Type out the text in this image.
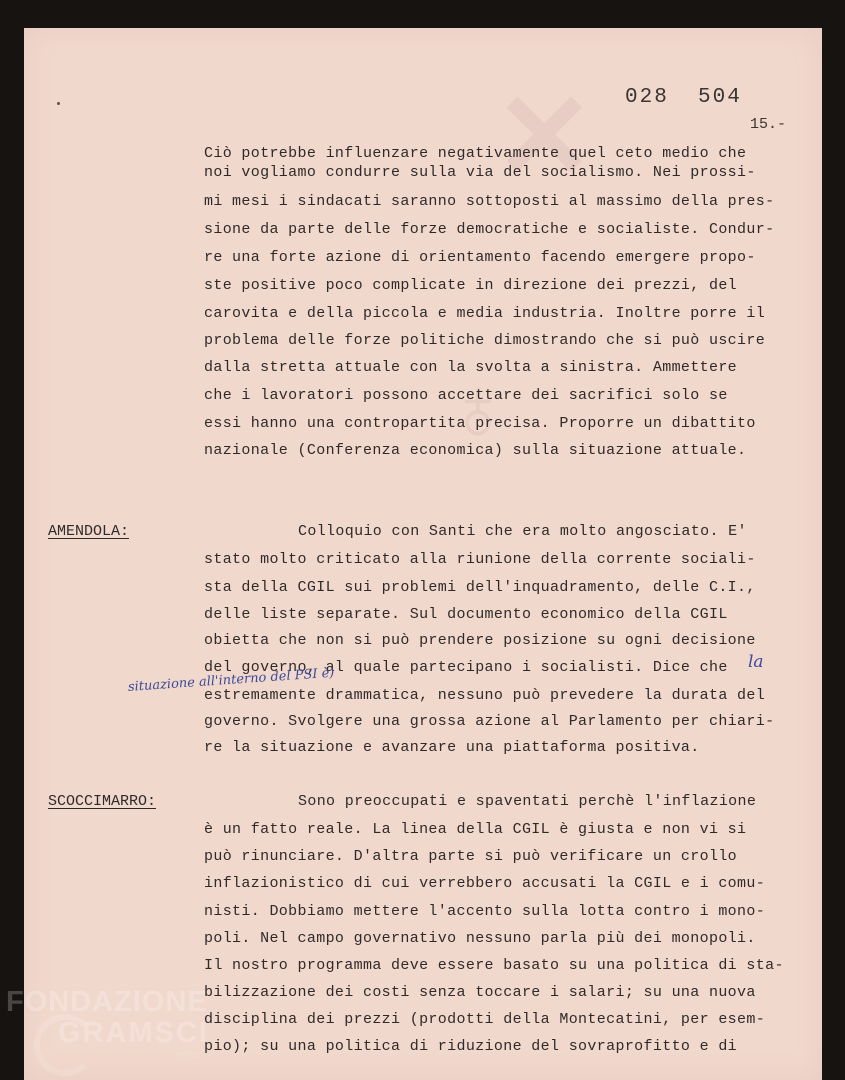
✕
♁
028  504
15.-
Ciò potrebbe influenzare negativamente quel ceto medio che
noi vogliamo condurre sulla via del socialismo. Nei prossi-
mi mesi i sindacati saranno sottoposti al massimo della pres-
sione da parte delle forze democratiche e socialiste. Condur-
re una forte azione di orientamento facendo emergere propo-
ste positive poco complicate in direzione dei prezzi, del
carovita e della piccola e media industria. Inoltre porre il
problema delle forze politiche dimostrando che si può uscire
dalla stretta attuale con la svolta a sinistra. Ammettere
che i lavoratori possono accettare dei sacrifici solo se
essi hanno una contropartita precisa. Proporre un dibattito
nazionale (Conferenza economica) sulla situazione attuale.
AMENDOLA:	Colloquio con Santi che era molto angosciato. E'
stato molto criticato alla riunione della corrente sociali-
sta della CGIL sui problemi dell'inquadramento, delle C.I.,
delle liste separate. Sul documento economico della CGIL
obietta che non si può prendere posizione su ogni decisione
del governo, al quale partecipano i socialisti. Dice che la
situazione all'interno del PSI è)
estremamente drammatica, nessuno può prevedere la durata del
governo. Svolgere una grossa azione al Parlamento per chiari-
re la situazione e avanzare una piattaforma positiva.
SCOCCIMARRO:	Sono preoccupati e spaventati perchè l'inflazione
è un fatto reale. La linea della CGIL è giusta e non vi si
può rinunciare. D'altra parte si può verificare un crollo
inflazionistico di cui verrebbero accusati la CGIL e i comu-
nisti. Dobbiamo mettere l'accento sulla lotta contro i mono-
poli. Nel campo governativo nessuno parla più dei monopoli.
Il nostro programma deve essere basato su una politica di sta-
bilizzazione dei costi senza toccare i salari; su una nuova
disciplina dei prezzi (prodotti della Montecatini, per esem-
pio); su una politica di riduzione del sovraprofitto e di
FONDAZIONE
GRAMSCI
onlus
